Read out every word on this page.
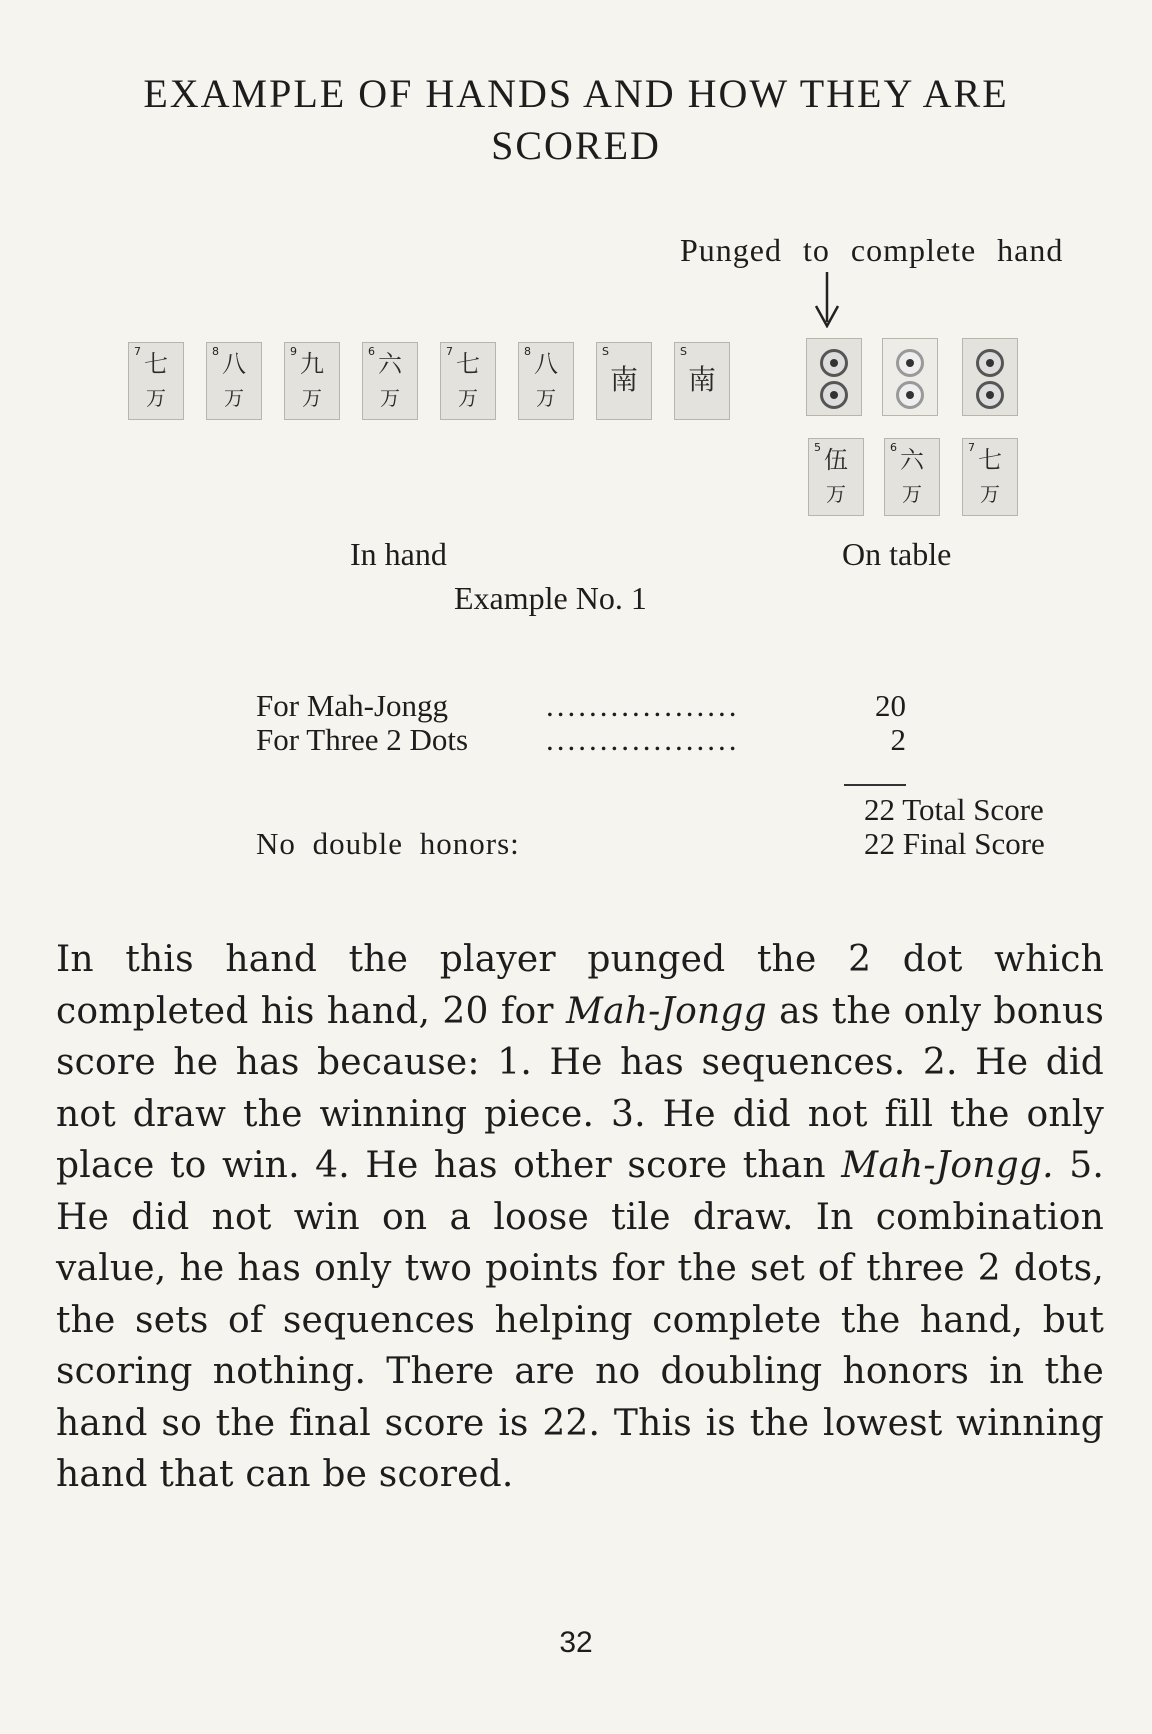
EXAMPLE OF HANDS AND HOW THEY ARE
SCORED
Punged to complete hand
7 七
万
8 八
万
9 九
万
6 六
万
7 七
万
8 八
万
S
南
S
南
5 伍
万
6 六
万
7 七
万
In hand	On table
Example No. 1
For Mah-Jongg	..................	20
For Three 2 Dots	..................	2
22 Total Score
No double honors:	22 Final Score
In this hand the player punged the 2 dot which completed his hand, 20 for Mah-Jongg as the only bonus score he has because: 1. He has sequences. 2. He did not draw the winning piece. 3. He did not fill the only place to win. 4. He has other score than Mah-Jongg. 5. He did not win on a loose tile draw. In combination value, he has only two points for the set of three 2 dots, the sets of sequences helping complete the hand, but scoring nothing. There are no doubling honors in the hand so the final score is 22. This is the lowest winning hand that can be scored.
32
